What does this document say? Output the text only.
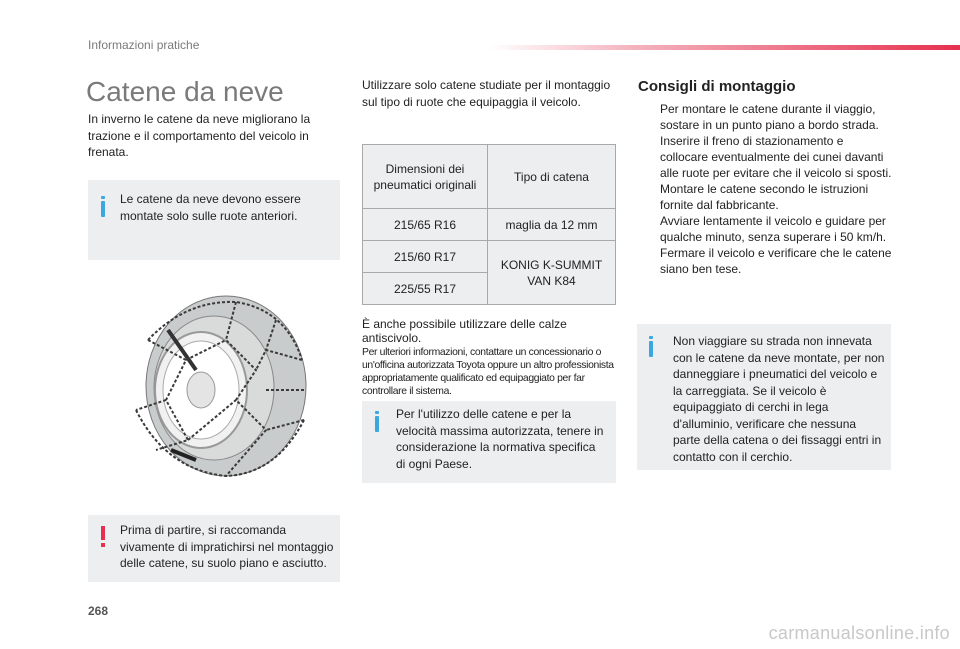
Informazioni pratiche
Catene da neve
In inverno le catene da neve migliorano la trazione e il comportamento del veicolo in frenata.
Le catene da neve devono essere montate solo sulle ruote anteriori.
Prima di partire, si raccomanda vivamente di impratichirsi nel montaggio delle catene, su suolo piano e asciutto.
Utilizzare solo catene studiate per il montaggio sul tipo di ruote che equipaggia il veicolo.
Dimensioni dei pneumatici originali	Tipo di catena
215/65 R16	maglia da 12 mm
215/60 R17	KONIG K-SUMMIT VAN K84
225/55 R17	
È anche possibile utilizzare delle calze antiscivolo.
Per ulteriori informazioni, contattare un concessionario o un'officina autorizzata Toyota oppure un altro professionista appropriatamente qualificato ed equipaggiato per far controllare il sistema.
Per l'utilizzo delle catene e per la velocità massima autorizzata, tenere in considerazione la normativa specifica di ogni Paese.
Consigli di montaggio
Per montare le catene durante il viaggio, sostare in un punto piano a bordo strada.
Inserire il freno di stazionamento e collocare eventualmente dei cunei davanti alle ruote per evitare che il veicolo si sposti.
Montare le catene secondo le istruzioni fornite dal fabbricante.
Avviare lentamente il veicolo e guidare per qualche minuto, senza superare i 50 km/h.
Fermare il veicolo e verificare che le catene siano ben tese.
Non viaggiare su strada non innevata con le catene da neve montate, per non danneggiare i pneumatici del veicolo e la carreggiata. Se il veicolo è equipaggiato di cerchi in lega d'alluminio, verificare che nessuna parte della catena o dei fissaggi entri in contatto con il cerchio.
268
carmanualsonline.info
